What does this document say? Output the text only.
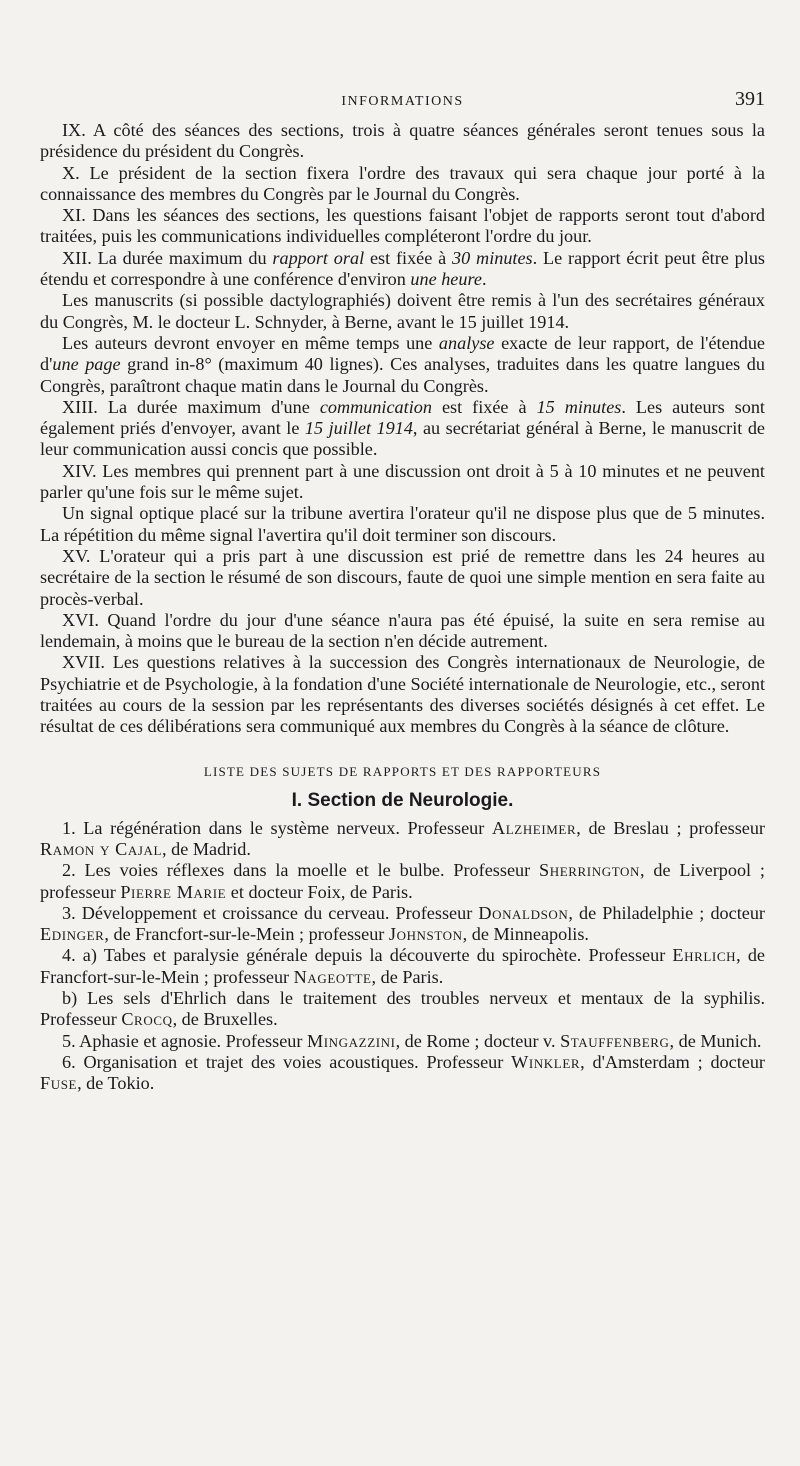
INFORMATIONS	391

IX. A côté des séances des sections, trois à quatre séances générales seront tenues sous la présidence du président du Congrès.

X. Le président de la section fixera l'ordre des travaux qui sera chaque jour porté à la connaissance des membres du Congrès par le Journal du Congrès.

XI. Dans les séances des sections, les questions faisant l'objet de rapports seront tout d'abord traitées, puis les communications individuelles compléteront l'ordre du jour.

XII. La durée maximum du rapport oral est fixée à 30 minutes. Le rapport écrit peut être plus étendu et correspondre à une conférence d'environ une heure.

Les manuscrits (si possible dactylographiés) doivent être remis à l'un des secrétaires généraux du Congrès, M. le docteur L. Schnyder, à Berne, avant le 15 juillet 1914.

Les auteurs devront envoyer en même temps une analyse exacte de leur rapport, de l'étendue d'une page grand in-8° (maximum 40 lignes). Ces analyses, traduites dans les quatre langues du Congrès, paraîtront chaque matin dans le Journal du Congrès.

XIII. La durée maximum d'une communication est fixée à 15 minutes. Les auteurs sont également priés d'envoyer, avant le 15 juillet 1914, au secrétariat général à Berne, le manuscrit de leur communication aussi concis que possible.

XIV. Les membres qui prennent part à une discussion ont droit à 5 à 10 minutes et ne peuvent parler qu'une fois sur le même sujet.

Un signal optique placé sur la tribune avertira l'orateur qu'il ne dispose plus que de 5 minutes. La répétition du même signal l'avertira qu'il doit terminer son discours.

XV. L'orateur qui a pris part à une discussion est prié de remettre dans les 24 heures au secrétaire de la section le résumé de son discours, faute de quoi une simple mention en sera faite au procès-verbal.

XVI. Quand l'ordre du jour d'une séance n'aura pas été épuisé, la suite en sera remise au lendemain, à moins que le bureau de la section n'en décide autrement.

XVII. Les questions relatives à la succession des Congrès internationaux de Neurologie, de Psychiatrie et de Psychologie, à la fondation d'une Société internationale de Neurologie, etc., seront traitées au cours de la session par les représentants des diverses sociétés désignés à cet effet. Le résultat de ces délibérations sera communiqué aux membres du Congrès à la séance de clôture.

LISTE DES SUJETS DE RAPPORTS ET DES RAPPORTEURS
I. Section de Neurologie.

1. La régénération dans le système nerveux. Professeur Alzheimer, de Breslau ; professeur Ramon y Cajal, de Madrid.

2. Les voies réflexes dans la moelle et le bulbe. Professeur Sherrington, de Liverpool ; professeur Pierre Marie et docteur Foix, de Paris.

3. Développement et croissance du cerveau. Professeur Donaldson, de Philadelphie ; docteur Edinger, de Francfort-sur-le-Mein ; professeur Johnston, de Minneapolis.

4. a) Tabes et paralysie générale depuis la découverte du spirochète. Professeur Ehrlich, de Francfort-sur-le-Mein ; professeur Nageotte, de Paris.

b) Les sels d'Ehrlich dans le traitement des troubles nerveux et mentaux de la syphilis. Professeur Crocq, de Bruxelles.

5. Aphasie et agnosie. Professeur Mingazzini, de Rome ; docteur v. Stauffenberg, de Munich.

6. Organisation et trajet des voies acoustiques. Professeur Winkler, d'Amsterdam ; docteur Fuse, de Tokio.
